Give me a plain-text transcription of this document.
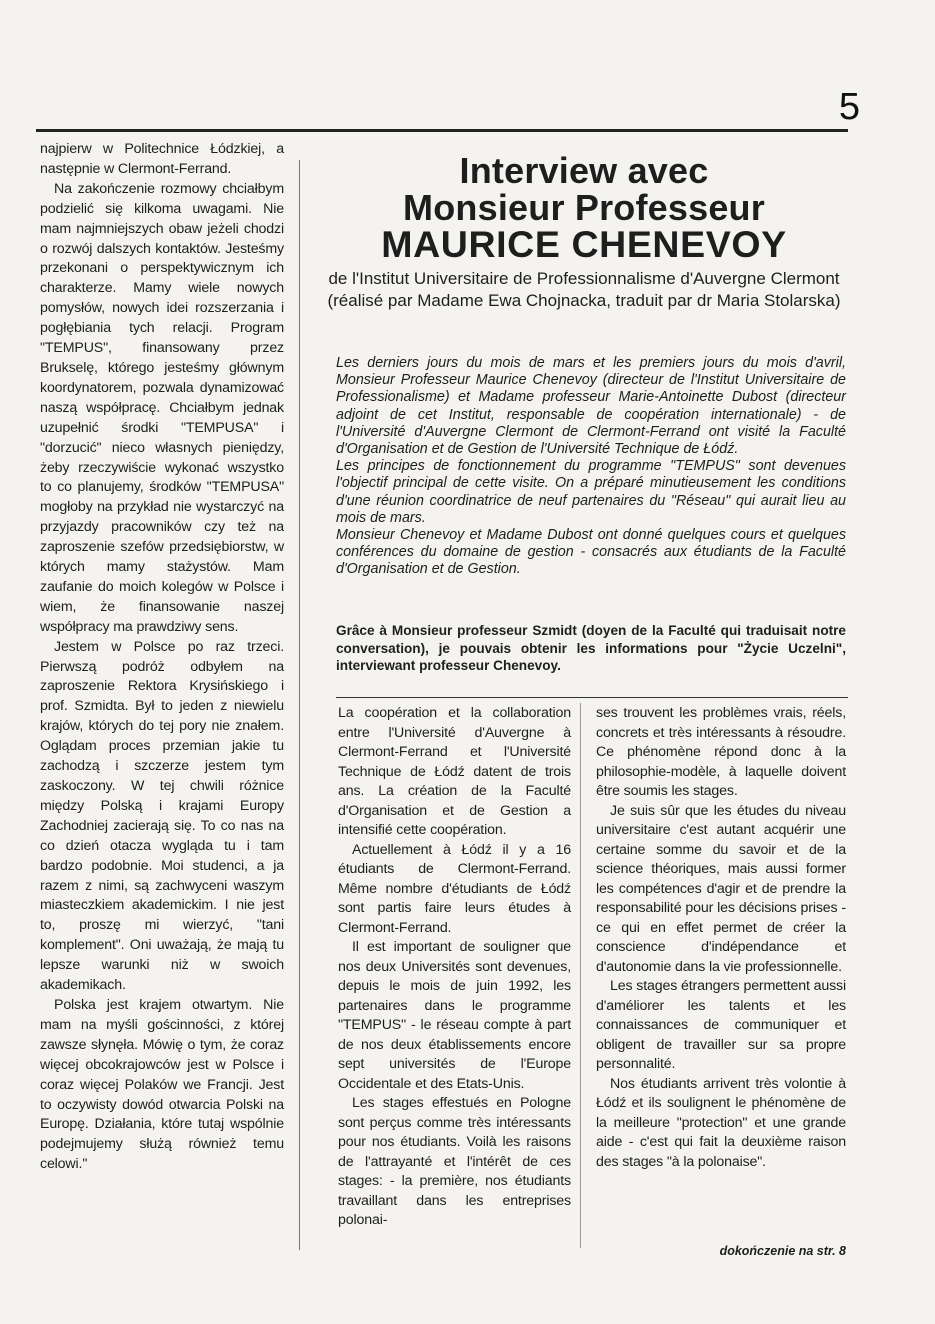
5

najpierw w Politechnice Łódzkiej, a następnie w Clermont-Ferrand.

Na zakończenie rozmowy chciałbym podzielić się kilkoma uwagami. Nie mam najmniejszych obaw jeżeli chodzi o rozwój dalszych kontaktów. Jesteśmy przekonani o perspektywicznym ich charakterze. Mamy wiele nowych pomysłów, nowych idei rozszerzania i pogłębiania tych relacji. Program "TEMPUS", finansowany przez Brukselę, którego jesteśmy głównym koordynatorem, pozwala dynamizować naszą współpracę. Chciałbym jednak uzupełnić środki "TEMPUSA" i "dorzucić" nieco własnych pieniędzy, żeby rzeczywiście wykonać wszystko to co planujemy, środków "TEMPUSA" mogłoby na przykład nie wystarczyć na przyjazdy pracowników czy też na zaproszenie szefów przedsiębiorstw, w których mamy stażystów. Mam zaufanie do moich kolegów w Polsce i wiem, że finansowanie naszej współpracy ma prawdziwy sens.

Jestem w Polsce po raz trzeci. Pierwszą podróż odbyłem na zaproszenie Rektora Krysińskiego i prof. Szmidta. Był to jeden z niewielu krajów, których do tej pory nie znałem. Oglądam proces przemian jakie tu zachodzą i szczerze jestem tym zaskoczony. W tej chwili różnice między Polską i krajami Europy Zachodniej zacierają się. To co nas na co dzień otacza wygląda tu i tam bardzo podobnie. Moi studenci, a ja razem z nimi, są zachwyceni waszym miasteczkiem akademickim. I nie jest to, proszę mi wierzyć, "tani komplement". Oni uważają, że mają tu lepsze warunki niż w swoich akademikach.

Polska jest krajem otwartym. Nie mam na myśli gościnności, z której zawsze słynęła. Mówię o tym, że coraz więcej obcokrajowców jest w Polsce i coraz więcej Polaków we Francji. Jest to oczywisty dowód otwarcia Polski na Europę. Działania, które tutaj wspólnie podejmujemy służą również temu celowi."

Interview avec
Monsieur Professeur
MAURICE CHENEVOY

de l'Institut Universitaire de Professionnalisme d'Auvergne Clermont (réalisé par Madame Ewa Chojnacka, traduit par dr Maria Stolarska)

Les derniers jours du mois de mars et les premiers jours du mois d'avril, Monsieur Professeur Maurice Chenevoy (directeur de l'Institut Universitaire de Professionalisme) et Madame professeur Marie-Antoinette Dubost (directeur adjoint de cet Institut, responsable de coopération internationale) - de l'Université d'Auvergne Clermont de Clermont-Ferrand ont visité la Faculté d'Organisation et de Gestion de l'Université Technique de Łódź.

Les principes de fonctionnement du programme "TEMPUS" sont devenues l'objectif principal de cette visite. On a préparé minutieusement les conditions d'une réunion coordinatrice de neuf partenaires du "Réseau" qui aurait lieu au mois de mars.

Monsieur Chenevoy et Madame Dubost ont donné quelques cours et quelques conférences du domaine de gestion - consacrés aux étudiants de la Faculté d'Organisation et de Gestion.

Grâce à Monsieur professeur Szmidt (doyen de la Faculté qui traduisait notre conversation), je pouvais obtenir les informations pour "Życie Uczelni", interviewant professeur Chenevoy.

La coopération et la collaboration entre l'Université d'Auvergne à Clermont-Ferrand et l'Université Technique de Łódź datent de trois ans. La création de la Faculté d'Organisation et de Gestion a intensifié cette coopération.

Actuellement à Łódź il y a 16 étudiants de Clermont-Ferrand. Même nombre d'étudiants de Łódź sont partis faire leurs études à Clermont-Ferrand.

Il est important de souligner que nos deux Universités sont devenues, depuis le mois de juin 1992, les partenaires dans le programme "TEMPUS" - le réseau compte à part de nos deux établissements encore sept universités de l'Europe Occidentale et des Etats-Unis.

Les stages effestués en Pologne sont perçus comme très intéressants pour nos étudiants. Voilà les raisons de l'attrayanté et l'intérêt de ces stages: - la première, nos étudiants travaillant dans les entreprises polonai-

ses trouvent les problèmes vrais, réels, concrets et très intéressants à résoudre. Ce phénomène répond donc à la philosophie-modèle, à laquelle doivent être soumis les stages.

Je suis sûr que les études du niveau universitaire c'est autant acquérir une certaine somme du savoir et de la science théoriques, mais aussi former les compétences d'agir et de prendre la responsabilité pour les décisions prises - ce qui en effet permet de créer la conscience d'indépendance et d'autonomie dans la vie professionnelle.

Les stages étrangers permettent aussi d'améliorer les talents et les connaissances de communiquer et obligent de travailler sur sa propre personnalité.

Nos étudiants arrivent très volontie à Łódź et ils soulignent le phénomène de la meilleure "protection" et une grande aide - c'est qui fait la deuxième raison des stages "à la polonaise".

dokończenie na str. 8
